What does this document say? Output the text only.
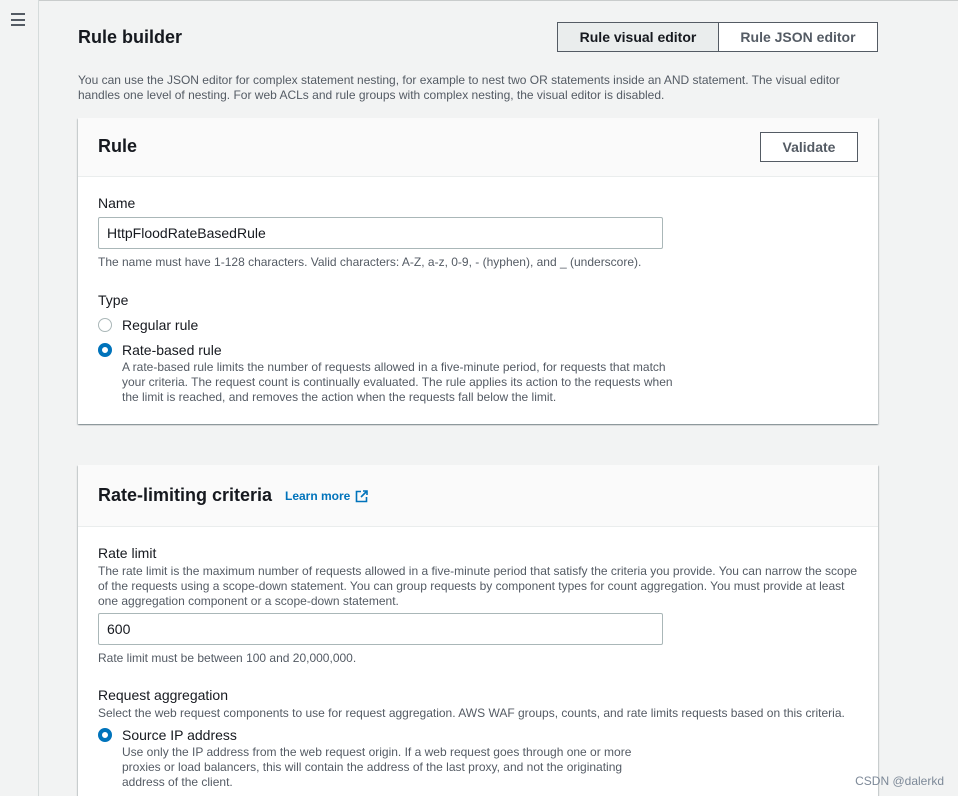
Rule builder	Rule visual editor	Rule JSON editor
You can use the JSON editor for complex statement nesting, for example to nest two OR statements inside an AND statement. The visual editor handles one level of nesting. For web ACLs and rule groups with complex nesting, the visual editor is disabled.
Rule	Validate
Name
HttpFloodRateBasedRule
The name must have 1-128 characters. Valid characters: A-Z, a-z, 0-9, - (hyphen), and _ (underscore).
Type
Regular rule
Rate-based rule
A rate-based rule limits the number of requests allowed in a five-minute period, for requests that match your criteria. The request count is continually evaluated. The rule applies its action to the requests when the limit is reached, and removes the action when the requests fall below the limit.
Rate-limiting criteria Learn more
Rate limit
The rate limit is the maximum number of requests allowed in a five-minute period that satisfy the criteria you provide. You can narrow the scope of the requests using a scope-down statement. You can group requests by component types for count aggregation. You must provide at least one aggregation component or a scope-down statement.
600
Rate limit must be between 100 and 20,000,000.
Request aggregation
Select the web request components to use for request aggregation. AWS WAF groups, counts, and rate limits requests based on this criteria.
Source IP address
Use only the IP address from the web request origin. If a web request goes through one or more proxies or load balancers, this will contain the address of the last proxy, and not the originating address of the client.	CSDN @dalerkd
